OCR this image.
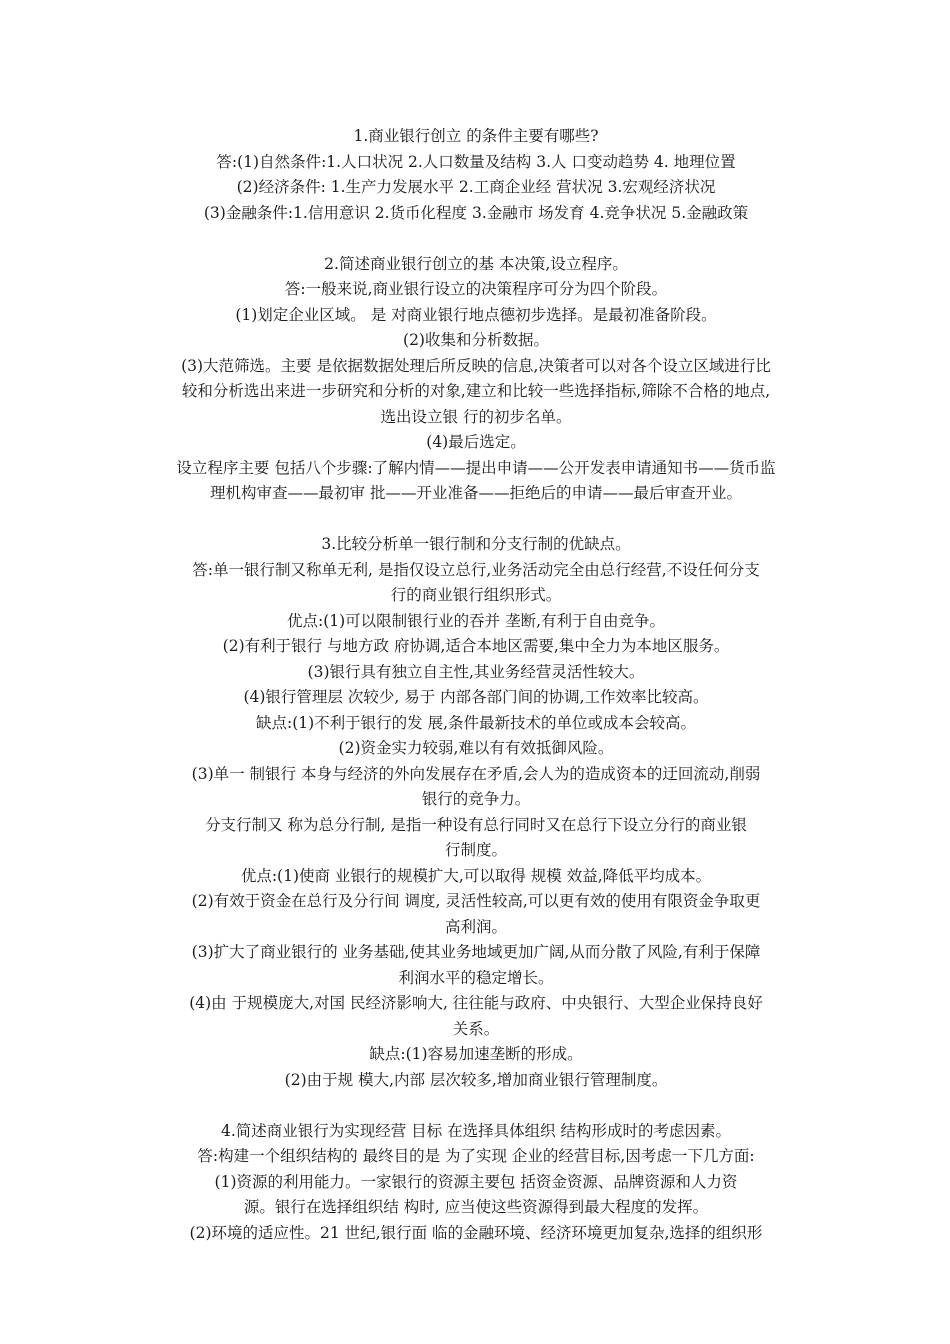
1.商业银行创立 的条件主要有哪些?
答:(1)自然条件:1.人口状况 2.人口数量及结构 3.人 口变动趋势 4. 地理位置
(2)经济条件: 1.生产力发展水平 2.工商企业经 营状况 3.宏观经济状况
(3)金融条件:1.信用意识 2.货币化程度 3.金融市 场发育 4.竞争状况 5.金融政策
2.简述商业银行创立的基 本决策,设立程序。
答:一般来说,商业银行设立的决策程序可分为四个阶段。
(1)划定企业区域。 是 对商业银行地点德初步选择。是最初准备阶段。
(2)收集和分析数据。
(3)大范筛选。主要 是依据数据处理后所反映的信息,决策者可以对各个设立区域进行比
较和分析选出来进一步研究和分析的对象,建立和比较一些选择指标,筛除不合格的地点,
选出设立银 行的初步名单。
(4)最后选定。
设立程序主要 包括八个步骤:了解内情——提出申请——公开发表申请通知书——货币监
理机构审查——最初审 批——开业准备——拒绝后的申请——最后审查开业。
3.比较分析单一银行制和分支行制的优缺点。
答:单一银行制又称单无利, 是指仅设立总行,业务活动完全由总行经营,不设任何分支
行的商业银行组织形式。
优点:(1)可以限制银行业的吞并 垄断,有利于自由竞争。
(2)有利于银行 与地方政 府协调,适合本地区需要,集中全力为本地区服务。
(3)银行具有独立自主性,其业务经营灵活性较大。
(4)银行管理层 次较少, 易于 内部各部门间的协调,工作效率比较高。
缺点:(1)不利于银行的发 展,条件最新技术的单位或成本会较高。
(2)资金实力较弱,难以有有效抵御风险。
(3)单一 制银行 本身与经济的外向发展存在矛盾,会人为的造成资本的迂回流动,削弱
银行的竞争力。
分支行制又 称为总分行制, 是指一种设有总行同时又在总行下设立分行的商业银
行制度。
优点:(1)使商 业银行的规模扩大,可以取得 规模 效益,降低平均成本。
(2)有效于资金在总行及分行间 调度, 灵活性较高,可以更有效的使用有限资金争取更
高利润。
(3)扩大了商业银行的 业务基础,使其业务地域更加广阔,从而分散了风险,有利于保障
利润水平的稳定增长。
(4)由 于规模庞大,对国 民经济影响大, 往往能与政府、中央银行、大型企业保持良好
关系。
缺点:(1)容易加速垄断的形成。
(2)由于规 模大,内部 层次较多,增加商业银行管理制度。
4.简述商业银行为实现经营 目标 在选择具体组织 结构形成时的考虑因素。
答:构建一个组织结构的 最终目的是 为了实现 企业的经营目标,因考虑一下几方面:
(1)资源的利用能力。一家银行的资源主要包 括资金资源、品牌资源和人力资
源。银行在选择组织结 构时, 应当使这些资源得到最大程度的发挥。
(2)环境的适应性。21 世纪,银行面 临的金融环境、经济环境更加复杂,选择的组织形
